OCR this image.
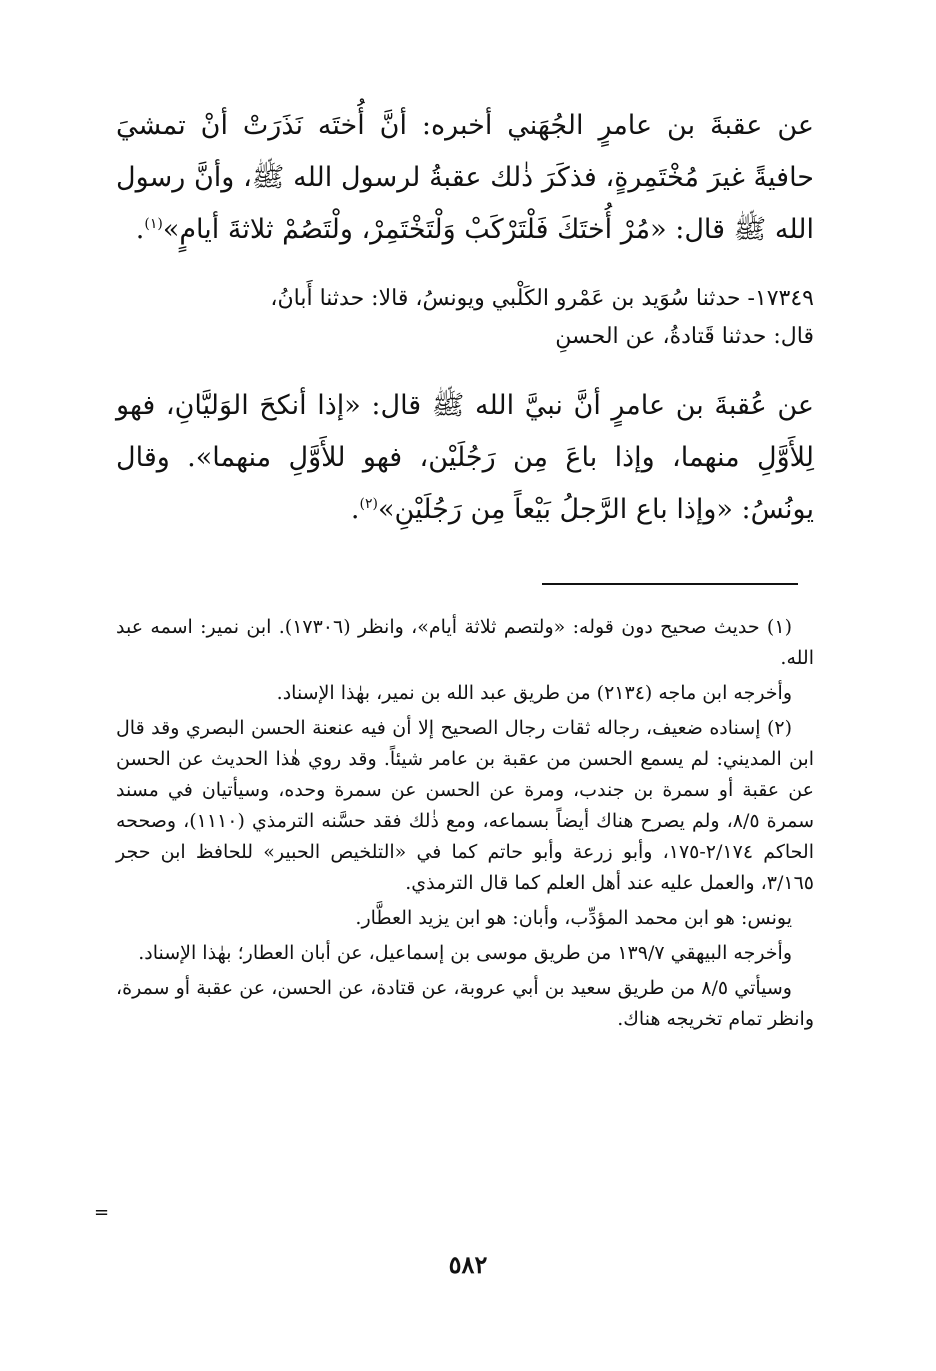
عن عقبةَ بن عامرٍ الجُهَني أخبره: أنَّ أُختَه نَذَرَتْ أنْ تمشيَ حافيةً غيرَ مُخْتَمِرةٍ، فذكَرَ ذٰلك عقبةُ لرسول الله ﷺ، وأنَّ رسول الله ﷺ قال: «مُرْ أُختَكَ فَلْتَرْكَبْ وَلْتَخْتَمِرْ، ولْتَصُمْ ثلاثةَ أيامٍ»$^{(١)}$.
١٧٣٤٩- حدثنا سُوَيد بن عَمْرو الكَلْبي ويونسُ، قالا: حدثنا أَبانُ،
قال: حدثنا قَتادةُ، عن الحسنِ
عن عُقبةَ بن عامرٍ أنَّ نبيَّ الله ﷺ قال: «إذا أنكحَ الوَليَّانِ، فهو لِلأَوَّلِ منهما، وإذا باعَ مِن رَجُلَيْن، فهو للأَوَّلِ منهما». وقال يونُسُ: «وإذا باع الرَّجلُ بَيْعاً مِن رَجُلَيْنِ»$^{(٢)}$.

(١) حديث صحيح دون قوله: «ولتصم ثلاثة أيام»، وانظر (١٧٣٠٦). ابن نمير: اسمه عبد الله.

وأخرجه ابن ماجه (٢١٣٤) من طريق عبد الله بن نمير، بهٰذا الإسناد.

(٢) إسناده ضعيف، رجاله ثقات رجال الصحيح إلا أن فيه عنعنة الحسن البصري وقد قال ابن المديني: لم يسمع الحسن من عقبة بن عامر شيئاً. وقد روي هٰذا الحديث عن الحسن عن عقبة أو سمرة بن جندب، ومرة عن الحسن عن سمرة وحده، وسيأتيان في مسند سمرة ٨/٥، ولم يصرح هناك أيضاً بسماعه، ومع ذٰلك فقد حسَّنه الترمذي (١١١٠)، وصححه الحاكم ٢/١٧٤-١٧٥، وأبو زرعة وأبو حاتم كما في «التلخيص الحبير» للحافظ ابن حجر ٣/١٦٥، والعمل عليه عند أهل العلم كما قال الترمذي.

يونس: هو ابن محمد المؤدِّب، وأبان: هو ابن يزيد العطَّار.

وأخرجه البيهقي ١٣٩/٧ من طريق موسى بن إسماعيل، عن أبان العطار؛ بهٰذا الإسناد.

وسيأتي ٨/٥ من طريق سعيد بن أبي عروبة، عن قتادة، عن الحسن، عن عقبة أو سمرة، وانظر تمام تخريجه هناك.

=
٥٨٢
